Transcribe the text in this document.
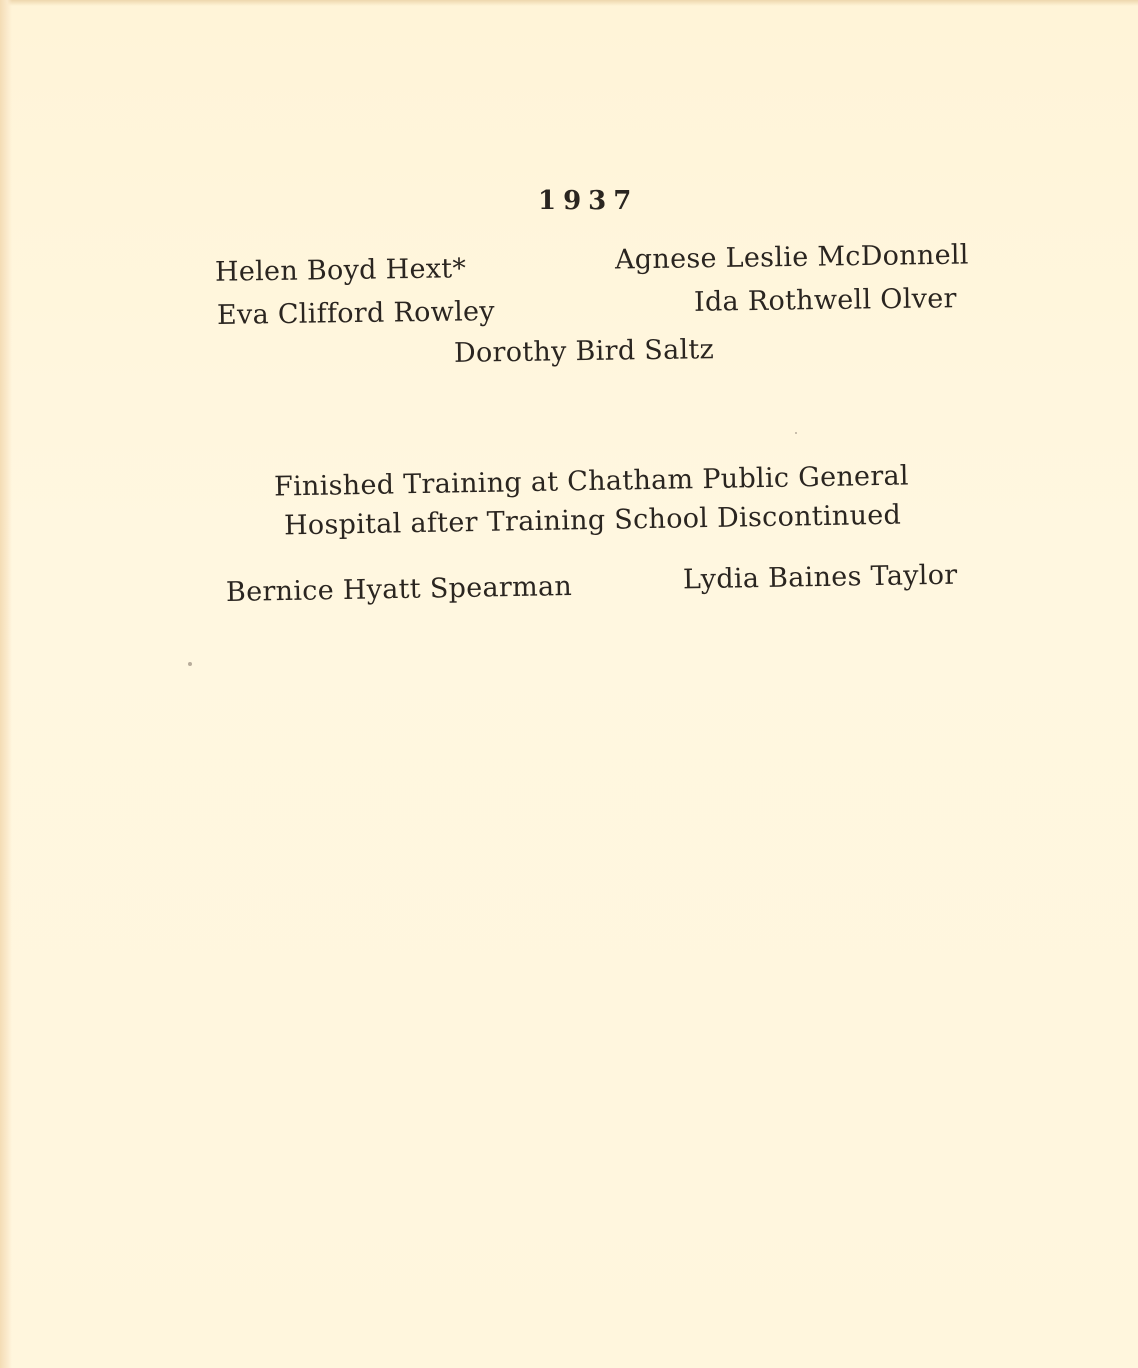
1937
Helen Boyd Hext*	Agnese Leslie McDonnell
Eva Clifford Rowley	Ida Rothwell Olver
Dorothy Bird Saltz
Finished Training at Chatham Public General
Hospital after Training School Discontinued
Bernice Hyatt Spearman	Lydia Baines Taylor
